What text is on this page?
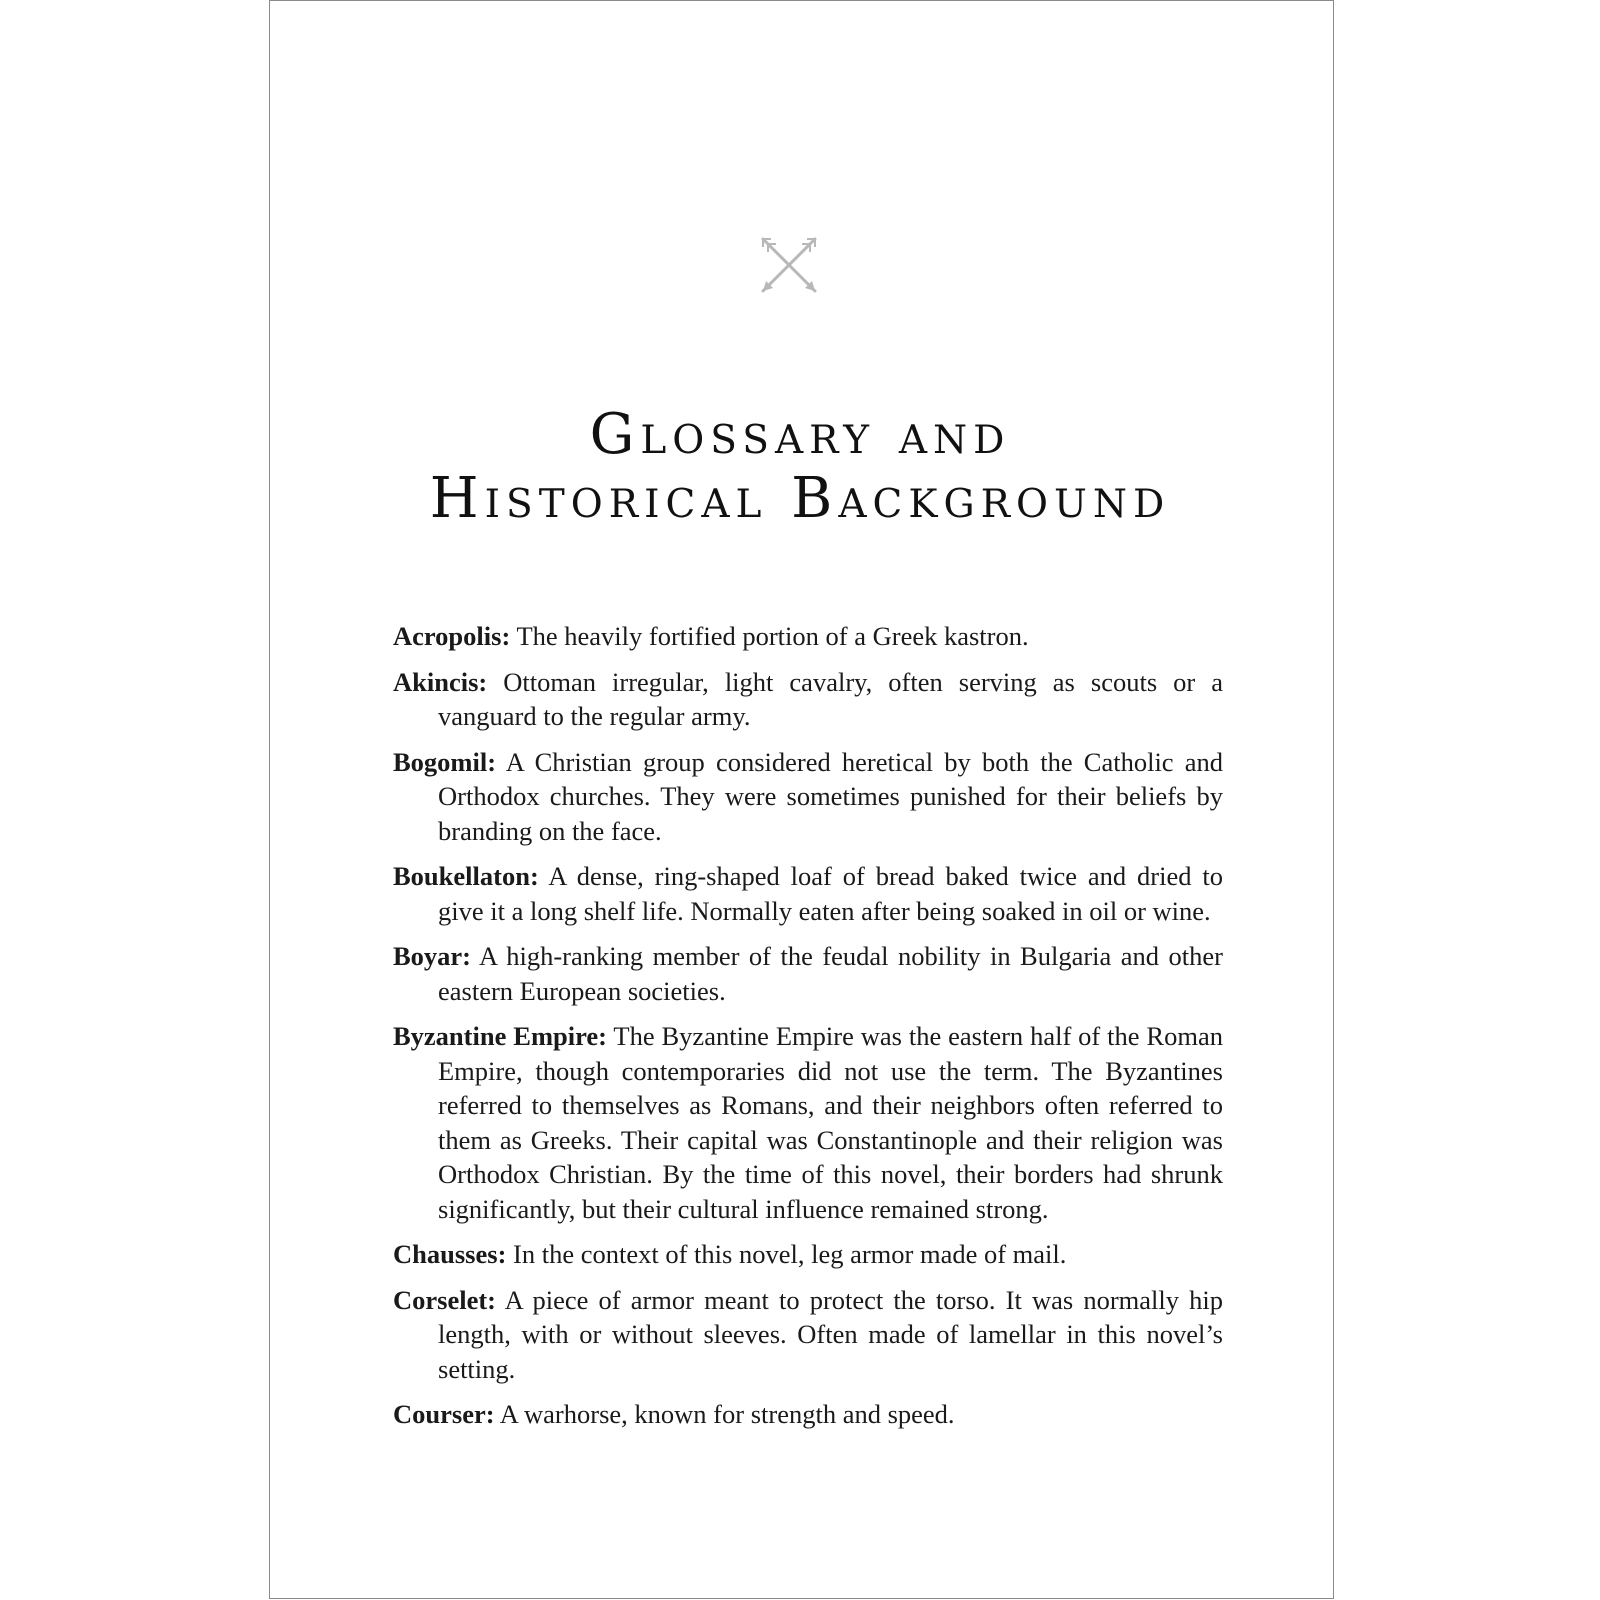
Glossary and
Historical Background

Acropolis: The heavily fortified portion of a Greek kastron.

Akincis: Ottoman irregular, light cavalry, often serving as scouts or a vanguard to the regular army.

Bogomil: A Christian group considered heretical by both the Catholic and Orthodox churches. They were sometimes punished for their beliefs by branding on the face.

Boukellaton: A dense, ring-shaped loaf of bread baked twice and dried to give it a long shelf life. Normally eaten after being soaked in oil or wine.

Boyar: A high-ranking member of the feudal nobility in Bulgaria and other eastern European societies.

Byzantine Empire: The Byzantine Empire was the eastern half of the Roman Empire, though contemporaries did not use the term. The Byzantines referred to themselves as Romans, and their neighbors often referred to them as Greeks. Their capital was Constantinople and their religion was Orthodox Christian. By the time of this novel, their borders had shrunk significantly, but their cultural influence remained strong.

Chausses: In the context of this novel, leg armor made of mail.

Corselet: A piece of armor meant to protect the torso. It was normally hip length, with or without sleeves. Often made of lamellar in this novel’s setting.

Courser: A warhorse, known for strength and speed.
